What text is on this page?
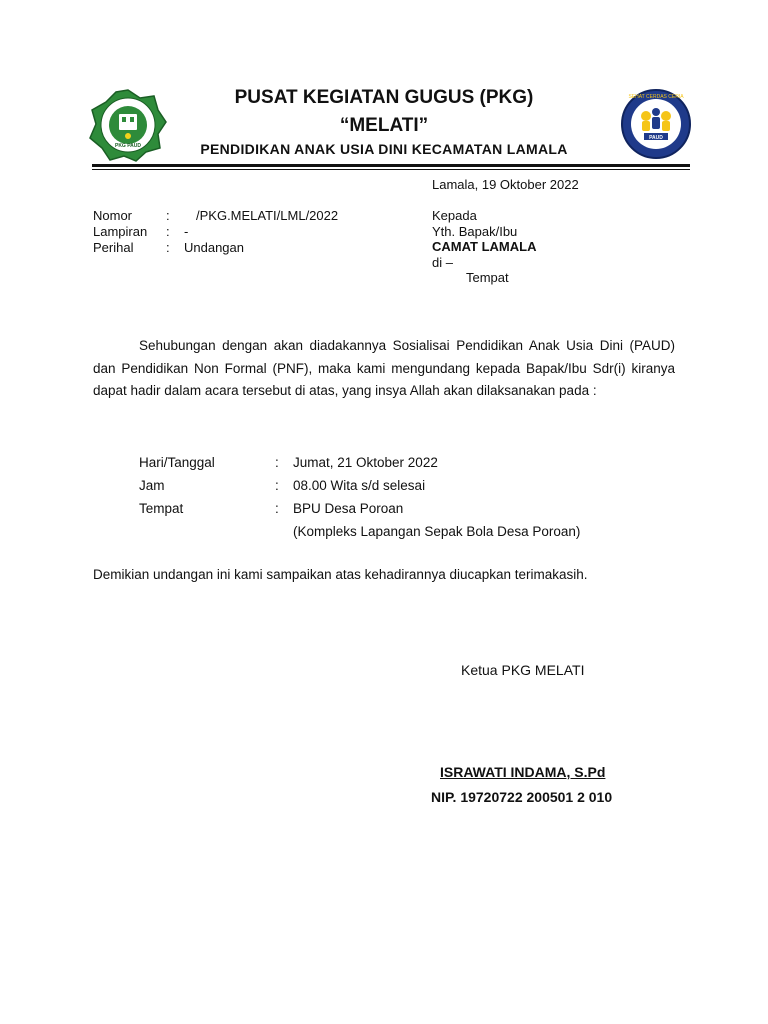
PKG PAUD
PAUD
SEHAT CERDAS CERIA
PUSAT KEGIATAN GUGUS (PKG)
“MELATI”
PENDIDIKAN ANAK USIA DINI KECAMATAN LAMALA
Lamala, 19 Oktober 2022
Nomor	:	/PKG.MELATI/LML/2022
Lampiran	:	-
Perihal	:	Undangan
Kepada
Yth. Bapak/Ibu
CAMAT LAMALA
di –
Tempat
Sehubungan dengan akan diadakannya Sosialisai Pendidikan Anak Usia Dini (PAUD) dan Pendidikan Non Formal (PNF), maka kami mengundang kepada Bapak/Ibu Sdr(i) kiranya dapat hadir dalam acara tersebut di atas, yang insya Allah akan dilaksanakan pada :
Hari/Tanggal	:	Jumat, 21 Oktober 2022
Jam	:	08.00 Wita s/d selesai
Tempat	:	BPU Desa Poroan
(Kompleks Lapangan Sepak Bola Desa Poroan)
Demikian undangan ini kami sampaikan atas kehadirannya diucapkan terimakasih.
Ketua PKG MELATI
ISRAWATI INDAMA, S.Pd
NIP. 19720722 200501 2 010
